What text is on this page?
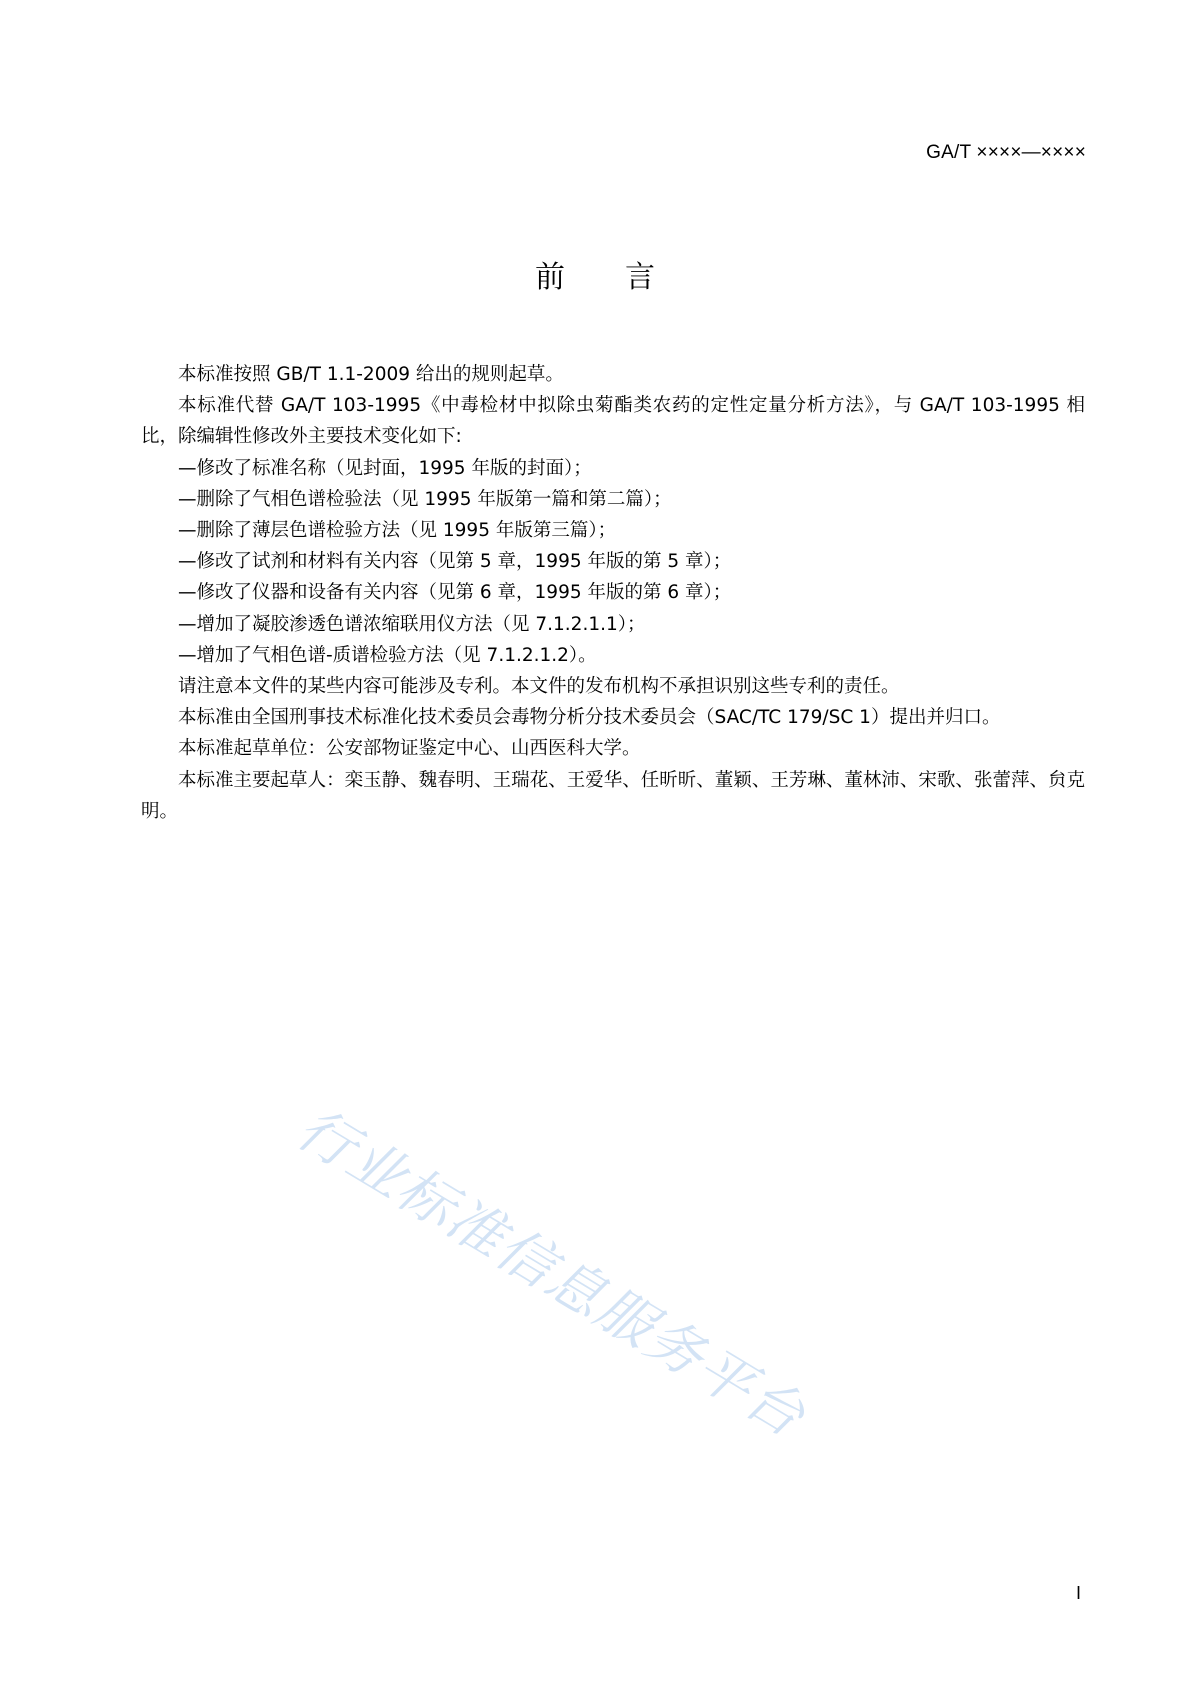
GA/T ××××—××××
前言

本标准按照 GB/T 1.1-2009 给出的规则起草。

本标准代替 GA/T 103-1995《中毒检材中拟除虫菊酯类农药的定性定量分析方法》，与 GA/T 103-1995 相比，除编辑性修改外主要技术变化如下:

—修改了标准名称（见封面，1995 年版的封面）；

—删除了气相色谱检验法（见 1995 年版第一篇和第二篇）；

—删除了薄层色谱检验方法（见 1995 年版第三篇）；

—修改了试剂和材料有关内容（见第 5 章，1995 年版的第 5 章）；

—修改了仪器和设备有关内容（见第 6 章，1995 年版的第 6 章）；

—增加了凝胶渗透色谱浓缩联用仪方法（见 7.1.2.1.1）；

—增加了气相色谱-质谱检验方法（见 7.1.2.1.2）。

请注意本文件的某些内容可能涉及专利。本文件的发布机构不承担识别这些专利的责任。

本标准由全国刑事技术标准化技术委员会毒物分析分技术委员会（SAC/TC 179/SC 1）提出并归口。

本标准起草单位：公安部物证鉴定中心、山西医科大学。

本标准主要起草人：栾玉静、魏春明、王瑞花、王爱华、任昕昕、董颖、王芳琳、董林沛、宋歌、张蕾萍、贠克明。

行业标准信息服务平台
I
